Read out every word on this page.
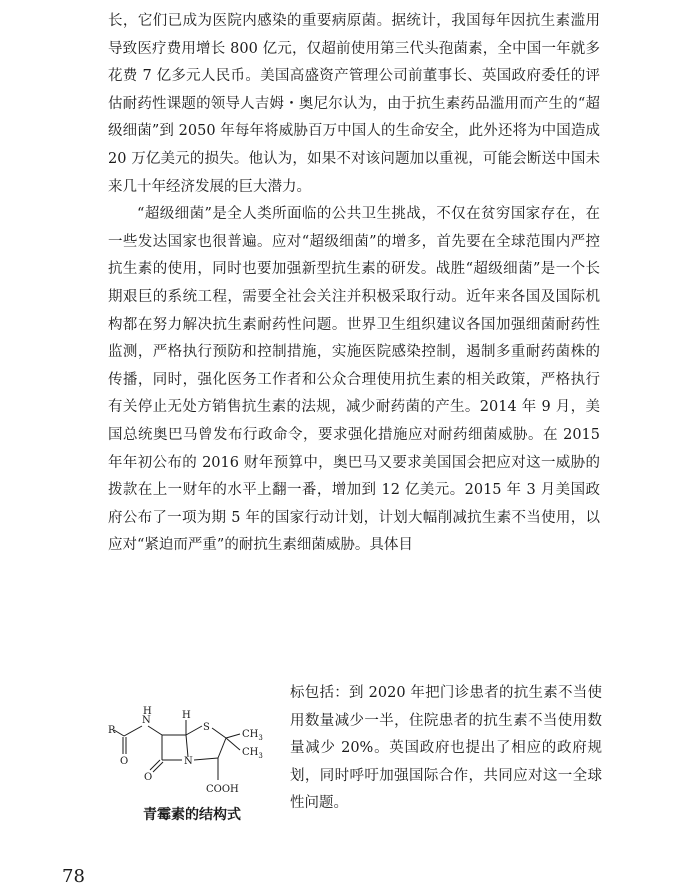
长，它们已成为医院内感染的重要病原菌。据统计，我国每年因抗生素滥用导致医疗费用增长 800 亿元，仅超前使用第三代头孢菌素，全中国一年就多花费 7 亿多元人民币。美国高盛资产管理公司前董事长、英国政府委任的评估耐药性课题的领导人吉姆・奥尼尔认为，由于抗生素药品滥用而产生的“超级细菌”到 2050 年每年将威胁百万中国人的生命安全，此外还将为中国造成 20 万亿美元的损失。他认为，如果不对该问题加以重视，可能会断送中国未来几十年经济发展的巨大潜力。

“超级细菌”是全人类所面临的公共卫生挑战，不仅在贫穷国家存在，在一些发达国家也很普遍。应对“超级细菌”的增多，首先要在全球范围内严控抗生素的使用，同时也要加强新型抗生素的研发。战胜“超级细菌”是一个长期艰巨的系统工程，需要全社会关注并积极采取行动。近年来各国及国际机构都在努力解决抗生素耐药性问题。世界卫生组织建议各国加强细菌耐药性监测，严格执行预防和控制措施，实施医院感染控制，遏制多重耐药菌株的传播，同时，强化医务工作者和公众合理使用抗生素的相关政策，严格执行有关停止无处方销售抗生素的法规，减少耐药菌的产生。2014 年 9 月，美国总统奥巴马曾发布行政命令，要求强化措施应对耐药细菌威胁。在 2015 年年初公布的 2016 财年预算中，奥巴马又要求美国国会把应对这一威胁的拨款在上一财年的水平上翻一番，增加到 12 亿美元。2015 年 3 月美国政府公布了一项为期 5 年的国家行动计划，计划大幅削减抗生素不当使用，以应对“紧迫而严重”的耐抗生素细菌威胁。具体目

标包括：到 2020 年把门诊患者的抗生素不当使用数量减少一半，住院患者的抗生素不当使用数量减少 20%。英国政府也提出了相应的政府规划，同时呼吁加强国际合作，共同应对这一全球性问题。

R
N
H	H
S
$CH_3$
$CH_3$
O
O
N
COOH
青霉素的结构式
78
